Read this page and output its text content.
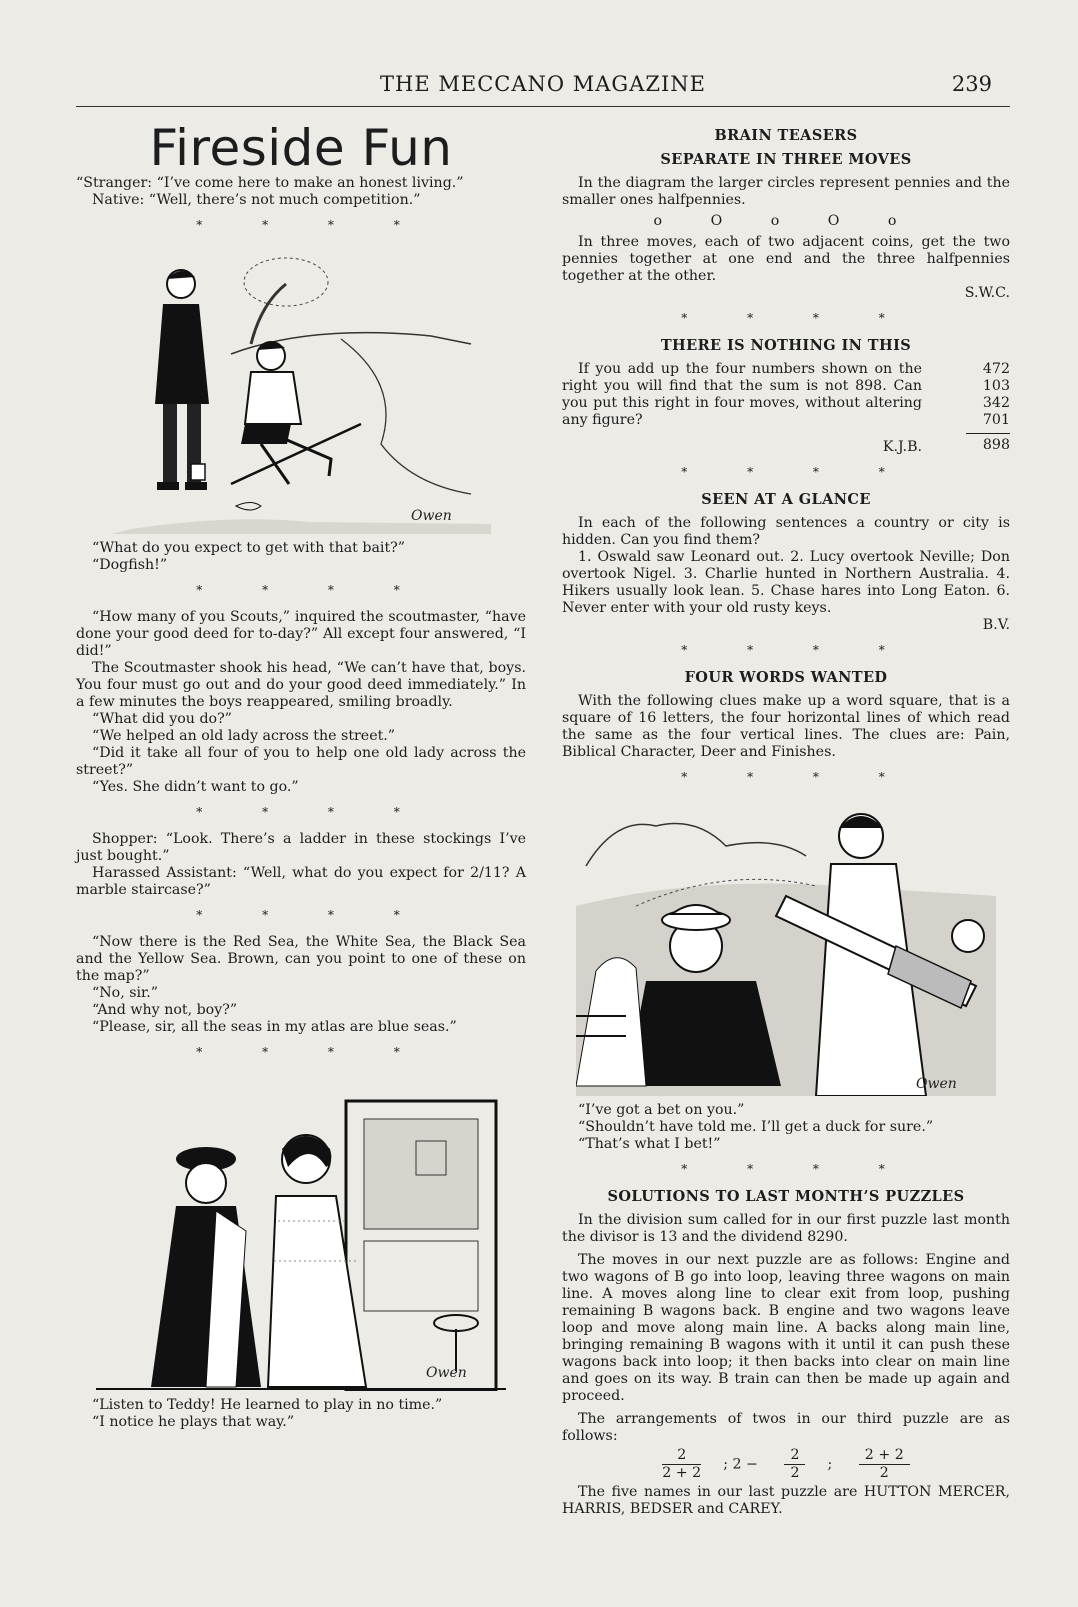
THE MECCANO MAGAZINE	239
Fireside Fun

“Stranger: “I’ve come here to make an honest living.”

Native: “Well, there’s not much competition.”

* * * *
Owen

“What do you expect to get with that bait?”

“Dogfish!”

* * * *

“How many of you Scouts,” inquired the scoutmaster, “have done your good deed for to-day?” All except four answered, “I did!”

The Scoutmaster shook his head, “We can’t have that, boys. You four must go out and do your good deed immediately.” In a few minutes the boys reappeared, smiling broadly.

“What did you do?”

“We helped an old lady across the street.”

“Did it take all four of you to help one old lady across the street?”

“Yes. She didn’t want to go.”

* * * *

Shopper: “Look. There’s a ladder in these stockings I’ve just bought.”

Harassed Assistant: “Well, what do you expect for 2/11? A marble staircase?”

* * * *

“Now there is the Red Sea, the White Sea, the Black Sea and the Yellow Sea. Brown, can you point to one of these on the map?”

“No, sir.”

“And why not, boy?”

“Please, sir, all the seas in my atlas are blue seas.”

* * * *
Owen

“Listen to Teddy! He learned to play in no time.”

“I notice he plays that way.”

BRAIN TEASERS
SEPARATE IN THREE MOVES

In the diagram the larger circles represent pennies and the smaller ones halfpennies.

o O o O o

In three moves, each of two adjacent coins, get the two pennies together at one end and the three halfpennies together at the other.

S.W.C.
* * * *
THERE IS NOTHING IN THIS

If you add up the four numbers shown on the right you will find that the sum is not 898. Can you put this right in four moves, without altering any figure?

K.J.B.
472
103
342
701
898
* * * *
SEEN AT A GLANCE

In each of the following sentences a country or city is hidden. Can you find them?

1. Oswald saw Leonard out. 2. Lucy overtook Neville; Don overtook Nigel. 3. Charlie hunted in Northern Australia. 4. Hikers usually look lean. 5. Chase hares into Long Eaton. 6. Never enter with your old rusty keys.

B.V.
* * * *
FOUR WORDS WANTED

With the following clues make up a word square, that is a square of 16 letters, the four horizontal lines of which read the same as the four vertical lines. The clues are: Pain, Biblical Character, Deer and Finishes.

* * * *
Owen

“I’ve got a bet on you.”

“Shouldn’t have told me. I’ll get a duck for sure.”

“That’s what I bet!”

* * * *
SOLUTIONS TO LAST MONTH’S PUZZLES

In the division sum called for in our first puzzle last month the divisor is 13 and the dividend 8290.

The moves in our next puzzle are as follows: Engine and two wagons of B go into loop, leaving three wagons on main line. A moves along line to clear exit from loop, pushing remaining B wagons back. B engine and two wagons leave loop and move along main line. A backs along main line, bringing remaining B wagons with it until it can push these wagons back into loop; it then backs into clear on main line and goes on its way. B train can then be made up again and proceed.

The arrangements of twos in our third puzzle are as follows:

$\frac{2}{2 + 2}$ ; $2 - \frac{2}{2}$ ; $\frac{2 + 2}{2}$

The five names in our last puzzle are HUTTON MERCER, HARRIS, BEDSER and CAREY.
